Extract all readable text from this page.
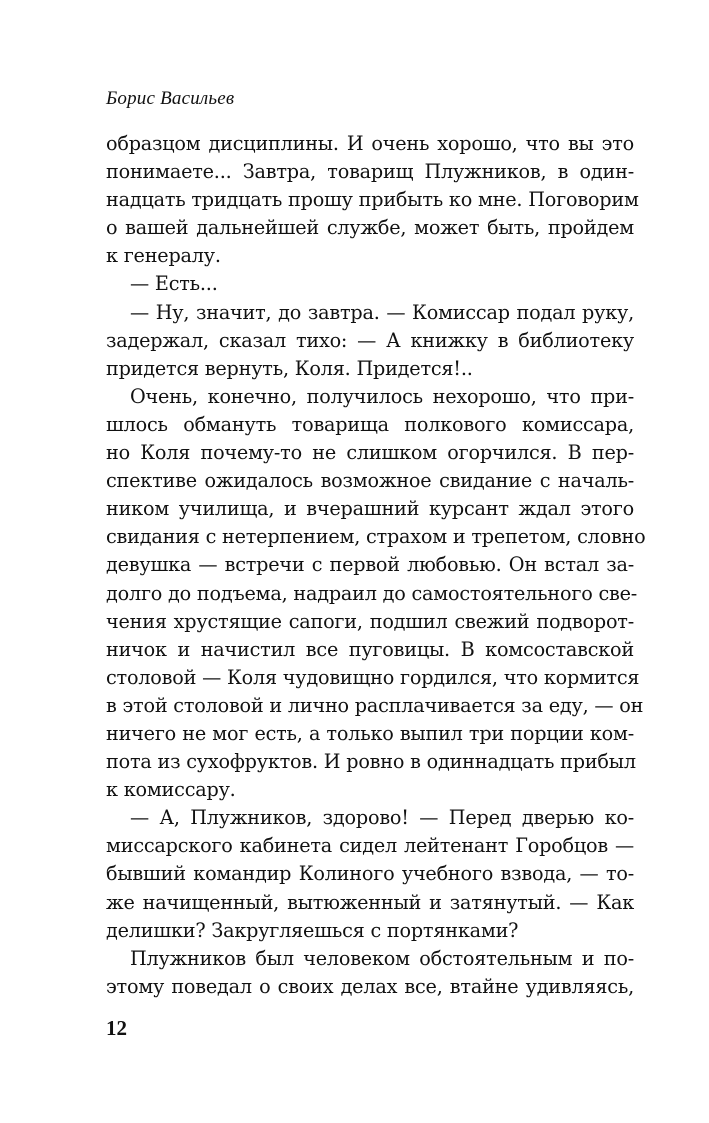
Борис Васильев
образцом дисциплины. И очень хорошо, что вы это
понимаете... Завтра, товарищ Плужников, в один-
надцать тридцать прошу прибыть ко мне. Поговорим
о вашей дальнейшей службе, может быть, пройдем
к генералу.
— Есть...
— Ну, значит, до завтра. — Комиссар подал руку,
задержал, сказал тихо: — А книжку в библиотеку
придется вернуть, Коля. Придется!..
Очень, конечно, получилось нехорошо, что при-
шлось обмануть товарища полкового комиссара,
но Коля почему-то не слишком огорчился. В пер-
спективе ожидалось возможное свидание с началь-
ником училища, и вчерашний курсант ждал этого
свидания с нетерпением, страхом и трепетом, словно
девушка — встречи с первой любовью. Он встал за-
долго до подъема, надраил до самостоятельного све-
чения хрустящие сапоги, подшил свежий подворот-
ничок и начистил все пуговицы. В комсоставской
столовой — Коля чудовищно гордился, что кормится
в этой столовой и лично расплачивается за еду, — он
ничего не мог есть, а только выпил три порции ком-
пота из сухофруктов. И ровно в одиннадцать прибыл
к комиссару.
— А, Плужников, здорово! — Перед дверью ко-
миссарского кабинета сидел лейтенант Горобцов —
бывший командир Колиного учебного взвода, — то-
же начищенный, вытюженный и затянутый. — Как
делишки? Закругляешься с портянками?
Плужников был человеком обстоятельным и по-
этому поведал о своих делах все, втайне удивляясь,
12
